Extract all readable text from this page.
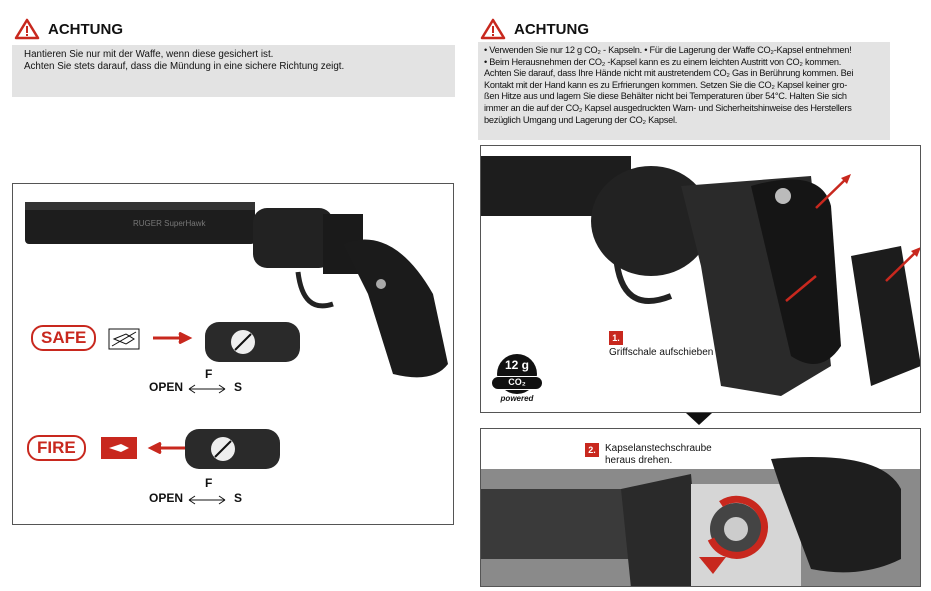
ACHTUNG
Hantieren Sie nur mit der Waffe, wenn diese gesichert ist.
Achten Sie stets darauf, dass die Mündung in eine sichere Richtung zeigt.
RUGER SuperHawk
SAFE
F
OPEN	S
FIRE
F
OPEN	S
ACHTUNG
• Verwenden Sie nur 12 g CO₂ - Kapseln. • Für die Lagerung der Waffe CO₂-Kapsel entnehmen!
• Beim Herausnehmen der CO₂ -Kapsel kann es zu einem leichten Austritt von CO₂ kommen.
Achten Sie darauf, dass Ihre Hände nicht mit austretendem CO₂ Gas in Berührung kommen. Bei
Kontakt mit der Hand kann es zu Erfrierungen kommen. Setzen Sie die CO₂ Kapsel keiner gro-
ßen Hitze aus und lagern Sie diese Behälter nicht bei Temperaturen über 54°C. Halten Sie sich
immer an die auf der CO₂ Kapsel ausgedruckten Warn- und Sicherheitshinweise des Herstellers
bezüglich Umgang und Lagerung der CO₂ Kapsel.
1.
Griffschale aufschieben
12 g
CO₂
powered
2. Kapselanstechschraube
heraus drehen.
